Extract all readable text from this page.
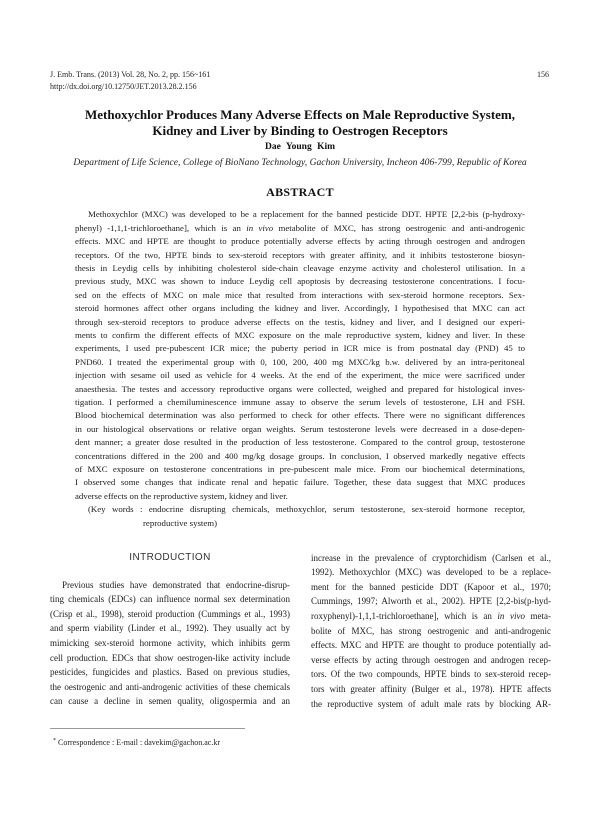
J. Emb. Trans. (2013) Vol. 28, No. 2, pp. 156~161
http://dx.doi.org/10.12750/JET.2013.28.2.156
156
Methoxychlor Produces Many Adverse Effects on Male Reproductive System,
Kidney and Liver by Binding to Oestrogen Receptors
Dae Young Kim
Department of Life Science, College of BioNano Technology, Gachon University, Incheon 406-799, Republic of Korea
ABSTRACT
Methoxychlor (MXC) was developed to be a replacement for the banned pesticide DDT. HPTE [2,2-bis (p-hydroxy-
phenyl) -1,1,1-trichloroethane], which is an in vivo metabolite of MXC, has strong oestrogenic and anti-androgenic
effects. MXC and HPTE are thought to produce potentially adverse effects by acting through oestrogen and androgen
receptors. Of the two, HPTE binds to sex-steroid receptors with greater affinity, and it inhibits testosterone biosyn-
thesis in Leydig cells by inhibiting cholesterol side-chain cleavage enzyme activity and cholesterol utilisation. In a
previous study, MXC was shown to induce Leydig cell apoptosis by decreasing testosterone concentrations. I focu-
sed on the effects of MXC on male mice that resulted from interactions with sex-steroid hormone receptors. Sex-
steroid hormones affect other organs including the kidney and liver. Accordingly, I hypothesised that MXC can act
through sex-steroid receptors to produce adverse effects on the testis, kidney and liver, and I designed our experi-
ments to confirm the different effects of MXC exposure on the male reproductive system, kidney and liver. In these
experiments, I used pre-pubescent ICR mice; the puberty period in ICR mice is from postnatal day (PND) 45 to
PND60. I treated the experimental group with 0, 100, 200, 400 mg MXC/kg b.w. delivered by an intra-peritoneal
injection with sesame oil used as vehicle for 4 weeks. At the end of the experiment, the mice were sacrificed under
anaesthesia. The testes and accessory reproductive organs were collected, weighed and prepared for histological inves-
tigation. I performed a chemiluminescence immune assay to observe the serum levels of testosterone, LH and FSH.
Blood biochemical determination was also performed to check for other effects. There were no significant differences
in our histological observations or relative organ weights. Serum testosterone levels were decreased in a dose-depen-
dent manner; a greater dose resulted in the production of less testosterone. Compared to the control group, testosterone
concentrations differed in the 200 and 400 mg/kg dosage groups. In conclusion, I observed markedly negative effects
of MXC exposure on testosterone concentrations in pre-pubescent male mice. From our biochemical determinations,
I observed some changes that indicate renal and hepatic failure. Together, these data suggest that MXC produces
adverse effects on the reproductive system, kidney and liver.
(Key words : endocrine disrupting chemicals, methoxychlor, serum testosterone, sex-steroid hormone receptor,
reproductive system)
INTRODUCTION
Previous studies have demonstrated that endocrine-disrup-
ting chemicals (EDCs) can influence normal sex determination
(Crisp et al., 1998), steroid production (Cummings et al., 1993)
and sperm viability (Linder et al., 1992). They usually act by
mimicking sex-steroid hormone activity, which inhibits germ
cell production. EDCs that show oestrogen-like activity include
pesticides, fungicides and plastics. Based on previous studies,
the oestrogenic and anti-androgenic activities of these chemicals
can cause a decline in semen quality, oligospermia and an
increase in the prevalence of cryptorchidism (Carlsen et al.,
1992). Methoxychlor (MXC) was developed to be a replace-
ment for the banned pesticide DDT (Kapoor et al., 1970;
Cummings, 1997; Alworth et al., 2002). HPTE [2,2-bis(p-hyd-
roxyphenyl)-1,1,1-trichloroethane], which is an in vivo meta-
bolite of MXC, has strong oestrogenic and anti-androgenic
effects. MXC and HPTE are thought to produce potentially ad-
verse effects by acting through oestrogen and androgen recep-
tors. Of the two compounds, HPTE binds to sex-steroid recep-
tors with greater affinity (Bulger et al., 1978). HPTE affects
the reproductive system of adult male rats by blocking AR-
* Correspondence : E-mail : davekim@gachon.ac.kr
